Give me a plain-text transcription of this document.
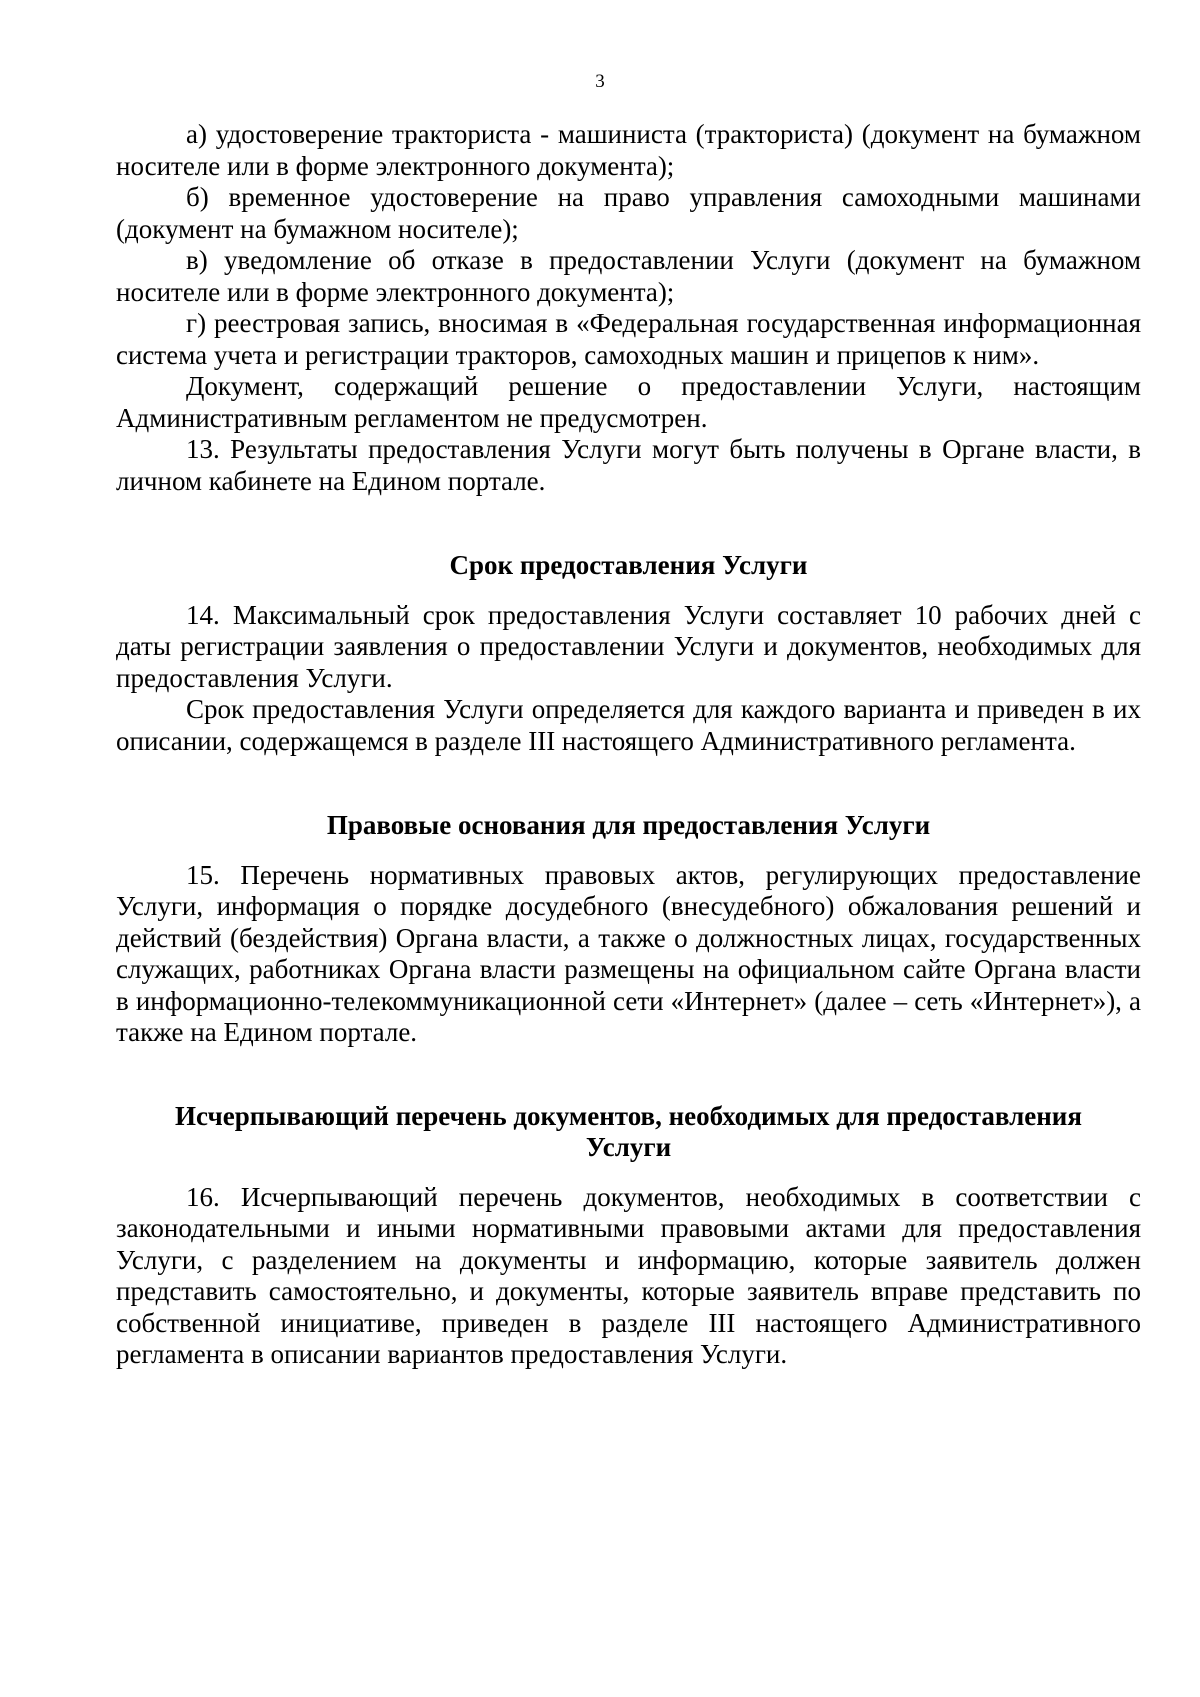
3

а) удостоверение тракториста - машиниста (тракториста) (документ на бумажном носителе или в форме электронного документа);

б) временное удостоверение на право управления самоходными машинами (документ на бумажном носителе);

в) уведомление об отказе в предоставлении Услуги (документ на бумажном носителе или в форме электронного документа);

г) реестровая запись, вносимая в «Федеральная государственная информационная система учета и регистрации тракторов, самоходных машин и прицепов к ним».

Документ, содержащий решение о предоставлении Услуги, настоящим Административным регламентом не предусмотрен.

13. Результаты предоставления Услуги могут быть получены в Органе власти, в личном кабинете на Едином портале.

Срок предоставления Услуги

14. Максимальный срок предоставления Услуги составляет 10 рабочих дней с даты регистрации заявления о предоставлении Услуги и документов, необходимых для предоставления Услуги.

Срок предоставления Услуги определяется для каждого варианта и приведен в их описании, содержащемся в разделе III настоящего Административного регламента.

Правовые основания для предоставления Услуги

15. Перечень нормативных правовых актов, регулирующих предоставление Услуги, информация о порядке досудебного (внесудебного) обжалования решений и действий (бездействия) Органа власти, а также о должностных лицах, государственных служащих, работниках Органа власти размещены на официальном сайте Органа власти в информационно-телекоммуникационной сети «Интернет» (далее – сеть «Интернет»), а также на Едином портале.

Исчерпывающий перечень документов, необходимых для предоставления
Услуги

16. Исчерпывающий перечень документов, необходимых в соответствии с законодательными и иными нормативными правовыми актами для предоставления Услуги, с разделением на документы и информацию, которые заявитель должен представить самостоятельно, и документы, которые заявитель вправе представить по собственной инициативе, приведен в разделе III настоящего Административного регламента в описании вариантов предоставления Услуги.
